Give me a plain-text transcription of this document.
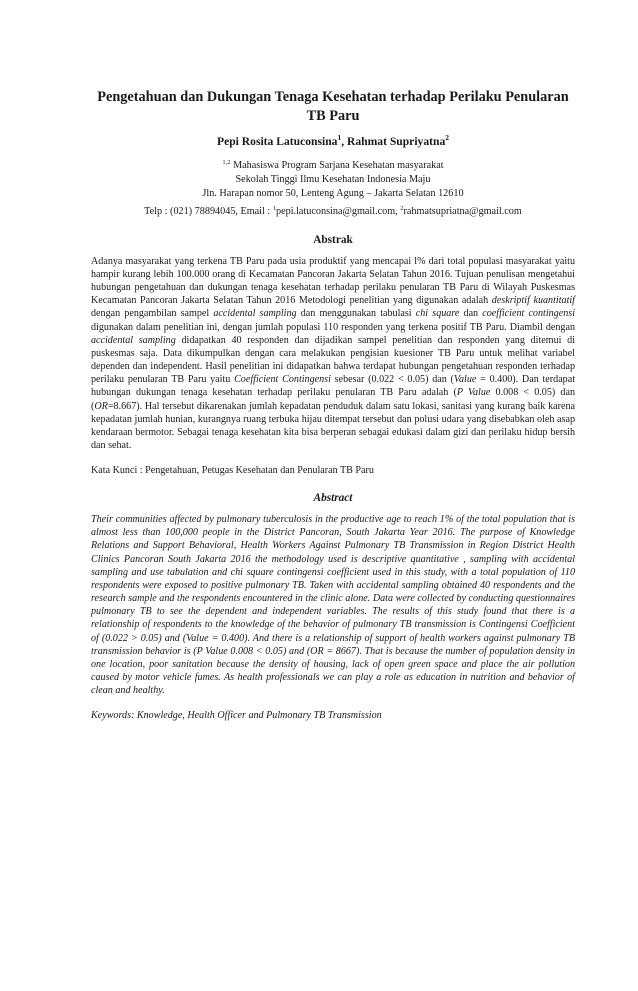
Pengetahuan dan Dukungan Tenaga Kesehatan terhadap Perilaku Penularan TB Paru
Pepi Rosita Latuconsina$^1$, Rahmat Supriyatna$^2$
$^{1,2}$ Mahasiswa Program Sarjana Kesehatan masyarakat
Sekolah Tinggi Ilmu Kesehatan Indonesia Maju
Jln. Harapan nomor 50, Lenteng Agung – Jakarta Selatan 12610
Telp : (021) 78894045, Email : $^1$pepi.latuconsina@gmail.com, $^2$rahmatsupriatna@gmail.com
Abstrak

Adanya masyarakat yang terkena TB Paru pada usia produktif yang mencapai l% dari total populasi masyarakat yaitu hampir kurang lebih 100.000 orang di Kecamatan Pancoran Jakarta Selatan Tahun 2016. Tujuan penulisan mengetahui hubungan pengetahuan dan dukungan tenaga kesehatan terhadap perilaku penularan TB Paru di Wilayah Puskesmas Kecamatan Pancoran Jakarta Selatan Tahun 2016 Metodologi penelitian yang digunakan adalah deskriptif kuantitatif dengan pengambilan sampel accidental sampling dan menggunakan tabulasi chi square dan coefficient contingensi digunakan dalam penelitian ini, dengan jumlah populasi 110 responden yang terkena positif TB Paru. Diambil dengan accidental sampling didapatkan 40 responden dan dijadikan sampel penelitian dan responden yang ditemui di puskesmas saja. Data dikumpulkan dengan cara melakukan pengisian kuesioner TB Paru untuk melihat variabel dependen dan independent. Hasil penelitian ini didapatkan bahwa terdapat hubungan pengetahuan responden terhadap perilaku penularan TB Paru yaitu Coefficient Contingensi sebesar (0.022 < 0.05) dan (Value = 0.400). Dan terdapat hubungan dukungan tenaga kesehatan terhadap perilaku penularan TB Paru adalah (P Value 0.008 < 0.05) dan (OR=8.667). Hal tersebut dikarenakan jumlah kepadatan penduduk dalam satu lokasi, sanitasi yang kurang baik karena kepadatan jumlah hunian, kurangnya ruang terbuka hijau ditempat tersebut dan polusi udara yang disebabkan oleh asap kendaraan bermotor. Sebagai tenaga kesehatan kita bisa berperan sebagai edukasi dalam gizi dan perilaku hidup bersih dan sehat.

Kata Kunci : Pengetahuan, Petugas Kesehatan dan Penularan TB Paru
Abstract

Their communities affected by pulmonary tuberculosis in the productive age to reach 1% of the total population that is almost less than 100,000 people in the District Pancoran, South Jakarta Year 2016. The purpose of Knowledge Relations and Support Behavioral, Health Workers Against Pulmonary TB Transmission in Region District Health Clinics Pancoran South Jakarta 2016 the methodology used is descriptive quantitative , sampling with accidental sampling and use tabulation and chi square contingensi coefficient used in this study, with a total population of 110 respondents were exposed to positive pulmonary TB. Taken with accidental sampling obtained 40 respondents and the research sample and the respondents encountered in the clinic alone. Data were collected by conducting questionnaires pulmonary TB to see the dependent and independent variables. The results of this study found that there is a relationship of respondents to the knowledge of the behavior of pulmonary TB transmission is Contingensi Coefficient of (0.022 > 0.05) and (Value = 0.400). And there is a relationship of support of health workers against pulmonary TB transmission behavior is (P Value 0.008 < 0.05) and (OR = 8667). That is because the number of population density in one location, poor sanitation because the density of housing, lack of open green space and place the air pollution caused by motor vehicle fumes. As health professionals we can play a role as education in nutrition and behavior of clean and healthy.

Keywords: Knowledge, Health Officer and Pulmonary TB Transmission
